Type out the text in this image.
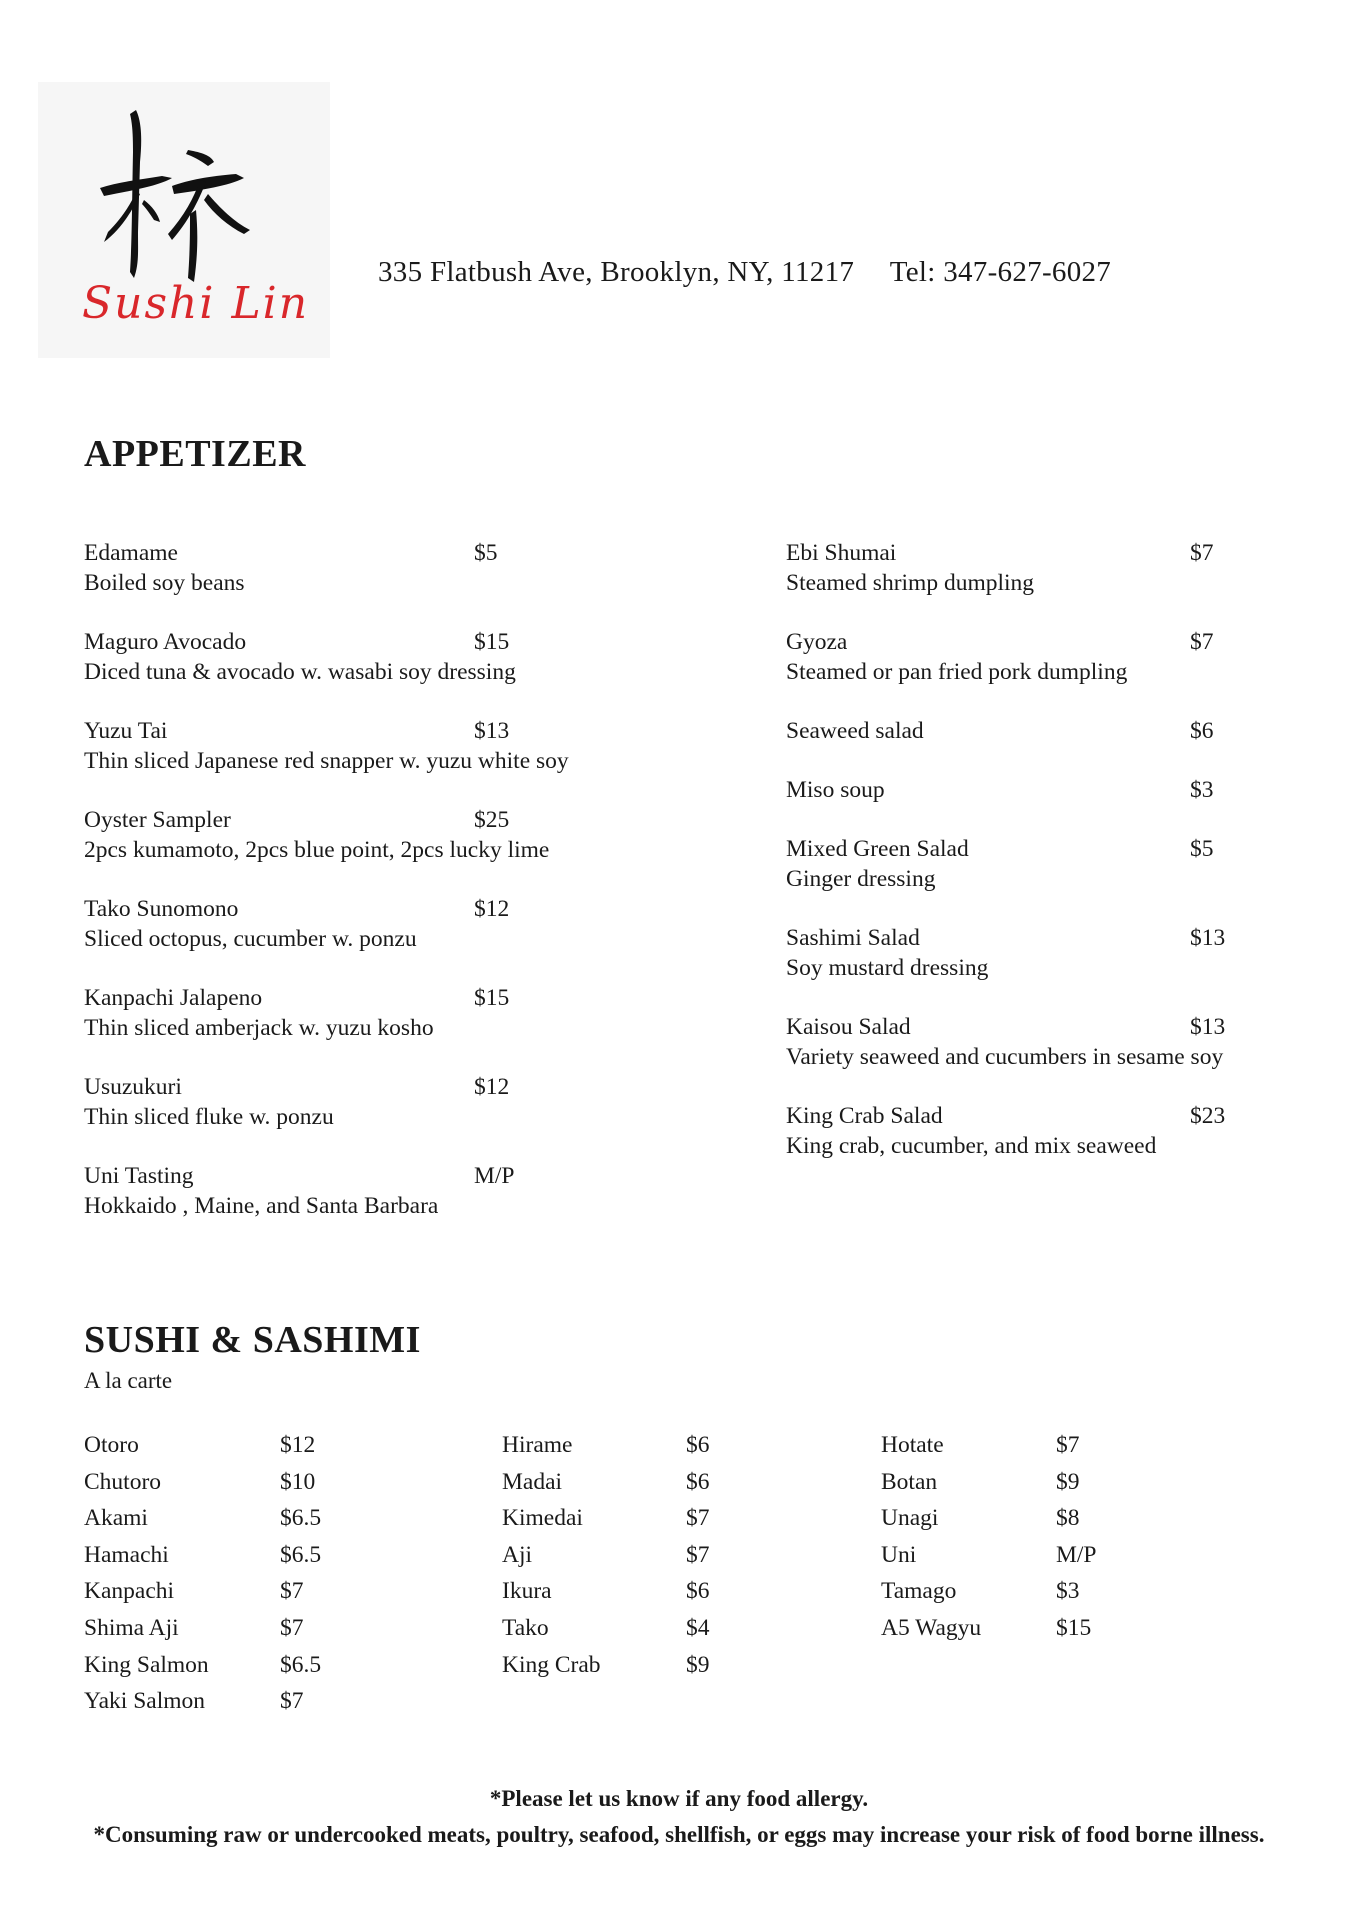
Sushi Lin
335 Flatbush Ave, Brooklyn, NY, 11217 Tel: 347-627-6027
APPETIZER
Edamame	$5
Boiled soy beans
Maguro Avocado	$15
Diced tuna & avocado w. wasabi soy dressing
Yuzu Tai	$13
Thin sliced Japanese red snapper w. yuzu white soy
Oyster Sampler	$25
2pcs kumamoto, 2pcs blue point, 2pcs lucky lime
Tako Sunomono	$12
Sliced octopus, cucumber w. ponzu
Kanpachi Jalapeno	$15
Thin sliced amberjack w. yuzu kosho
Usuzukuri	$12
Thin sliced fluke w. ponzu
Uni Tasting	M/P
Hokkaido , Maine, and Santa Barbara
Ebi Shumai	$7
Steamed shrimp dumpling
Gyoza	$7
Steamed or pan fried pork dumpling
Seaweed salad	$6
Miso soup	$3
Mixed Green Salad	$5
Ginger dressing
Sashimi Salad	$13
Soy mustard dressing
Kaisou Salad	$13
Variety seaweed and cucumbers in sesame soy
King Crab Salad	$23
King crab, cucumber, and mix seaweed
SUSHI & SASHIMI
A la carte
Otoro	$12
Chutoro	$10
Akami	$6.5
Hamachi	$6.5
Kanpachi	$7
Shima Aji	$7
King Salmon	$6.5
Yaki Salmon	$7
Hirame	$6
Madai	$6
Kimedai	$7
Aji	$7
Ikura	$6
Tako	$4
King Crab	$9
Hotate	$7
Botan	$9
Unagi	$8
Uni	M/P
Tamago	$3
A5 Wagyu	$15
*Please let us know if any food allergy.
*Consuming raw or undercooked meats, poultry, seafood, shellfish, or eggs may increase your risk of food borne illness.
